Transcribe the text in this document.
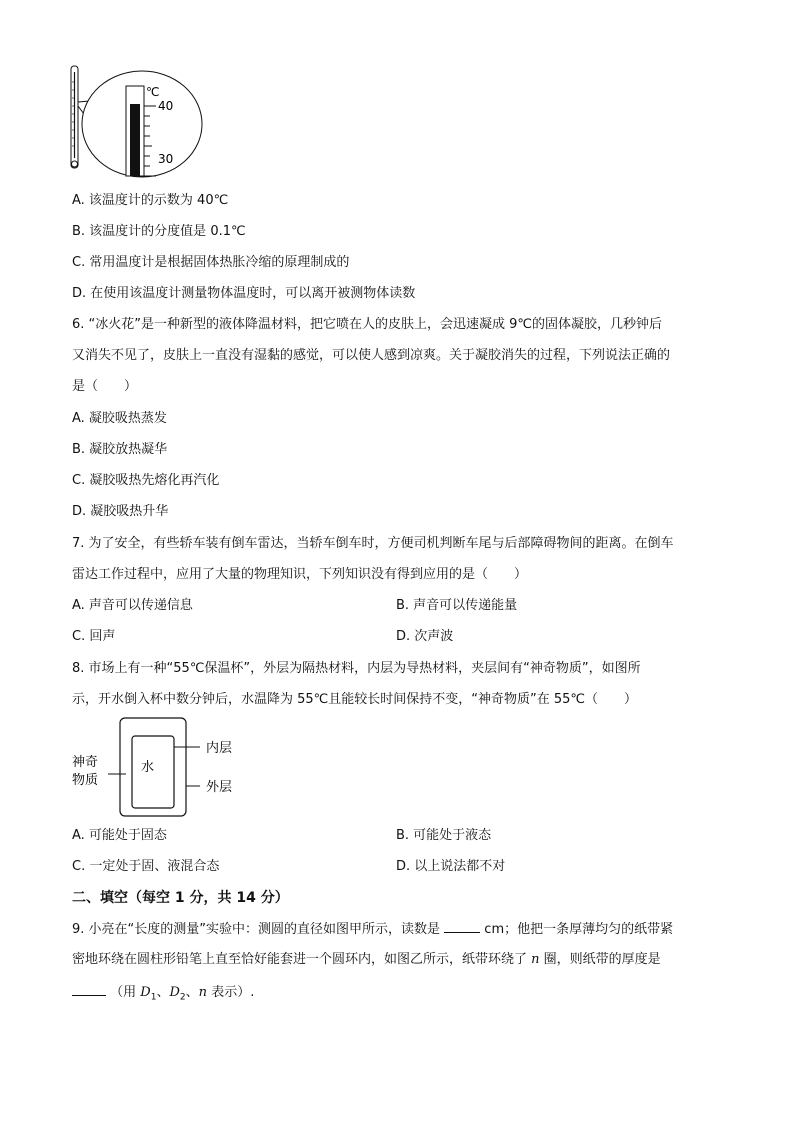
℃
40
30
A. 该温度计的示数为 40℃
B. 该温度计的分度值是 0.1℃
C. 常用温度计是根据固体热胀冷缩的原理制成的
D. 在使用该温度计测量物体温度时，可以离开被测物体读数
6. “冰火花”是一种新型的液体降温材料，把它喷在人的皮肤上，会迅速凝成 9℃的固体凝胶，几秒钟后
又消失不见了，皮肤上一直没有湿黏的感觉，可以使人感到凉爽。关于凝胶消失的过程，下列说法正确的
是（　　）
A. 凝胶吸热蒸发
B. 凝胶放热凝华
C. 凝胶吸热先熔化再汽化
D. 凝胶吸热升华
7. 为了安全，有些轿车装有倒车雷达，当轿车倒车时，方便司机判断车尾与后部障碍物间的距离。在倒车
雷达工作过程中，应用了大量的物理知识，下列知识没有得到应用的是（　　）
A. 声音可以传递信息	B. 声音可以传递能量
C. 回声	D. 次声波
8. 市场上有一种“55℃保温杯”，外层为隔热材料，内层为导热材料，夹层间有“神奇物质”，如图所
示，开水倒入杯中数分钟后，水温降为 55℃且能较长时间保持不变，“神奇物质”在 55℃（　　）
水
内层
外层
神奇
物质
A. 可能处于固态	B. 可能处于液态
C. 一定处于固、液混合态	D. 以上说法都不对
二、填空（每空 1 分，共 14 分）
9. 小亮在“长度的测量”实验中：测圆的直径如图甲所示，读数是	cm；他把一条厚薄均匀的纸带紧
密地环绕在圆柱形铅笔上直至恰好能套进一个圆环内，如图乙所示，纸带环绕了 n 圈，则纸带的厚度是
（用 $D_1$、$D_2$、n 表示）.
